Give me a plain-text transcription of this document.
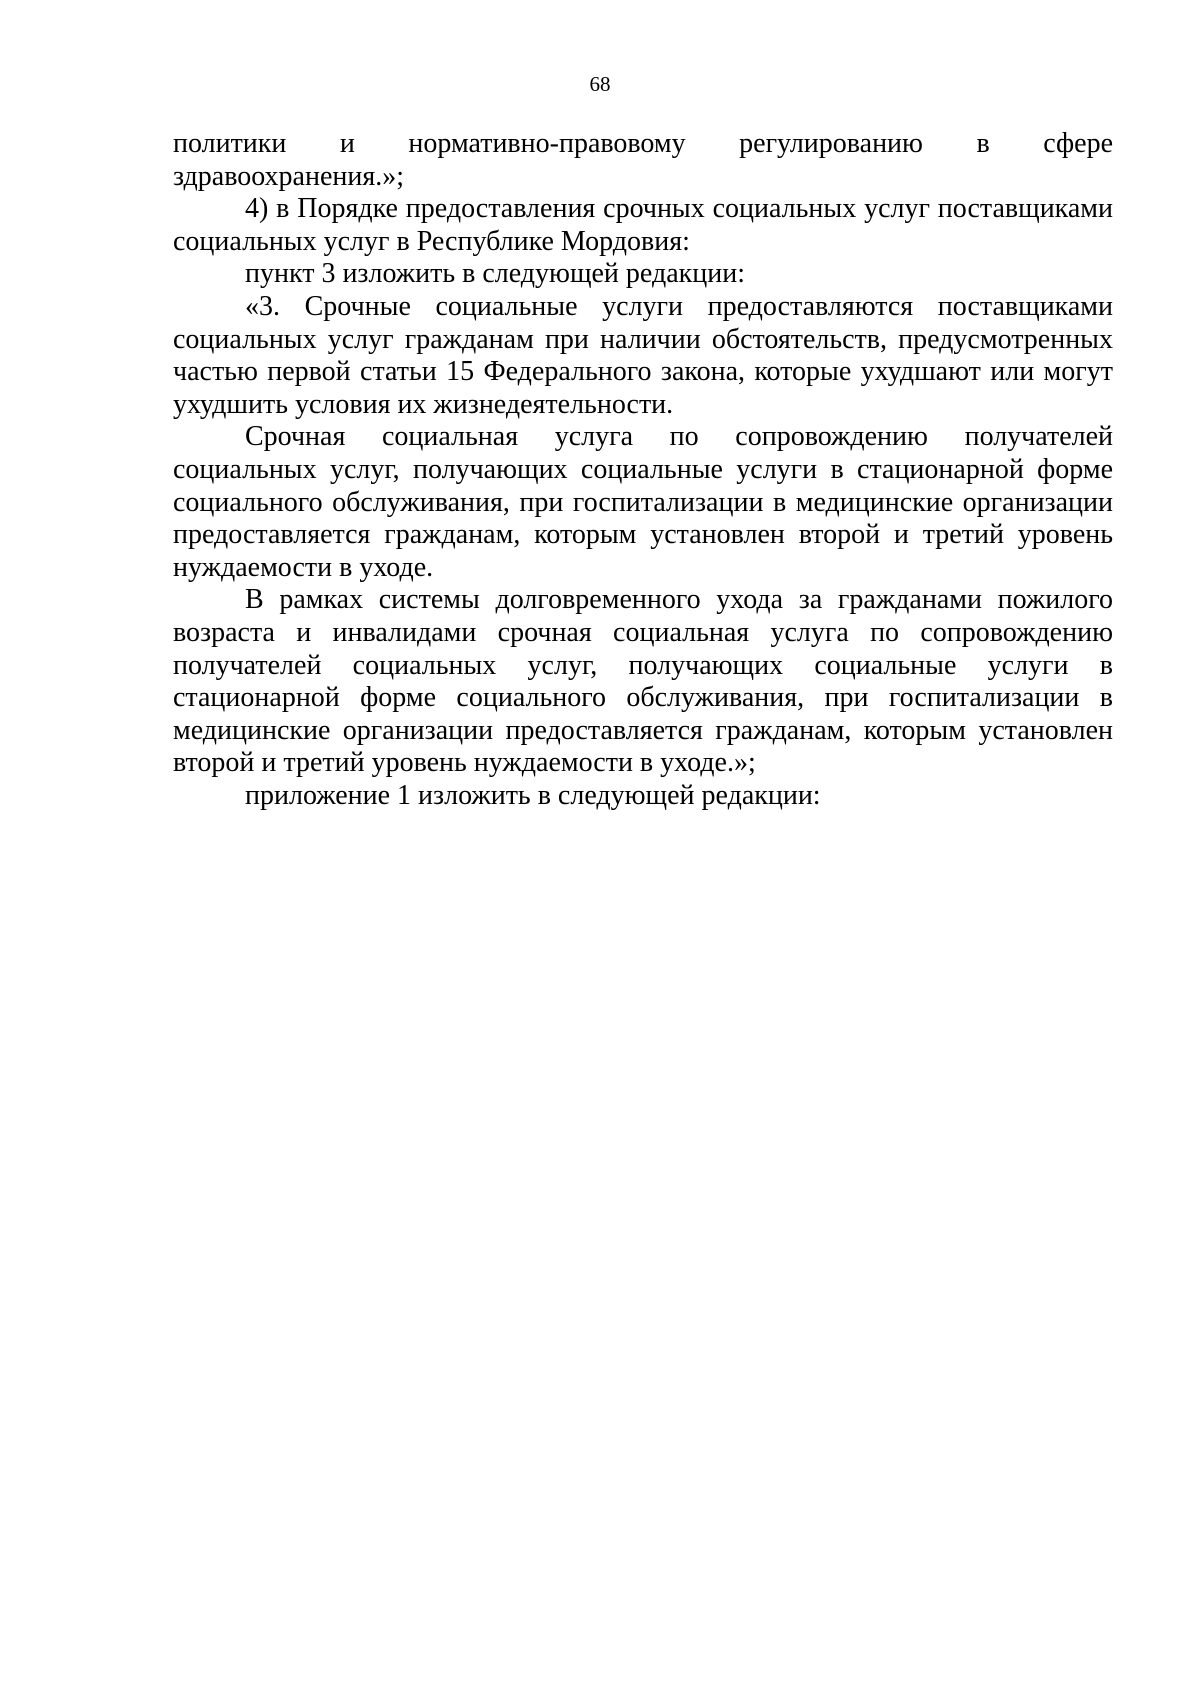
68

политики и нормативно-правовому регулированию в сфере здравоохранения.»;

4) в Порядке предоставления срочных социальных услуг поставщиками социальных услуг в Республике Мордовия:

пункт 3 изложить в следующей редакции:

«3. Срочные социальные услуги предоставляются поставщиками социальных услуг гражданам при наличии обстоятельств, предусмотренных частью первой статьи 15 Федерального закона, которые ухудшают или могут ухудшить условия их жизнедеятельности.

Срочная социальная услуга по сопровождению получателей социальных услуг, получающих социальные услуги в стационарной форме социального обслуживания, при госпитализации в медицинские организации предоставляется гражданам, которым установлен второй и третий уровень нуждаемости в уходе.

В рамках системы долговременного ухода за гражданами пожилого возраста и инвалидами срочная социальная услуга по сопровождению получателей социальных услуг, получающих социальные услуги в стационарной форме социального обслуживания, при госпитализации в медицинские организации предоставляется гражданам, которым установлен второй и третий уровень нуждаемости в уходе.»;

приложение 1 изложить в следующей редакции:
